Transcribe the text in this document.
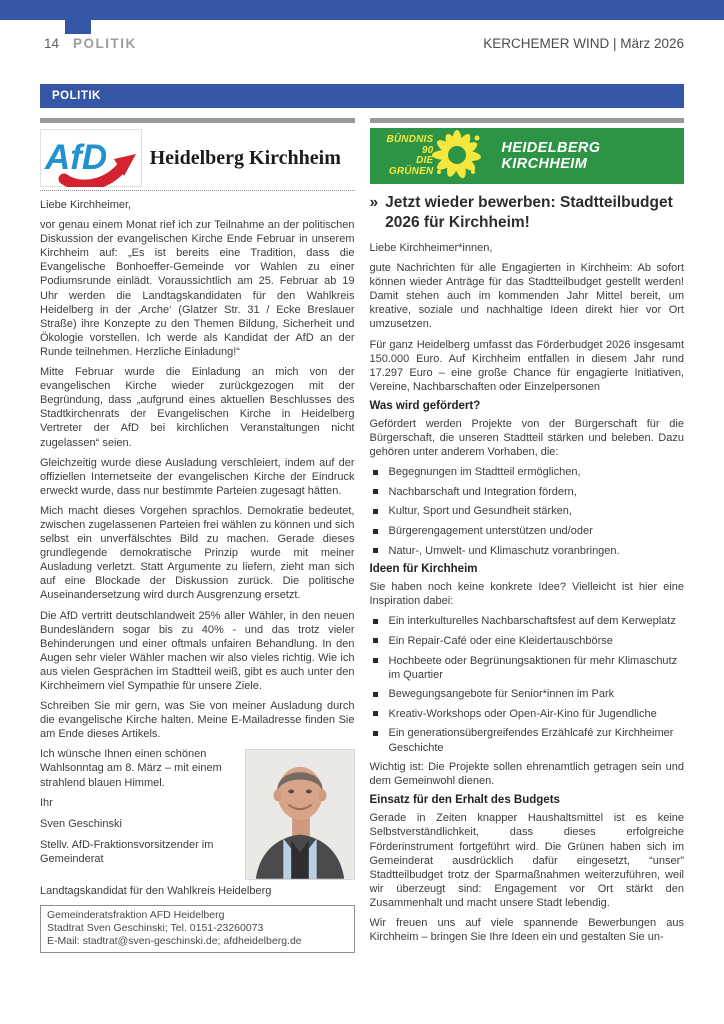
14 POLITIK	KERCHEMER WIND | März 2026
POLITIK
AfD	Heidelberg Kirchheim

Liebe Kirchheimer,

vor genau einem Monat rief ich zur Teilnahme an der politischen Diskussion der evangelischen Kirche Ende Februar in unserem Kirchheim auf: „Es ist bereits eine Tradition, dass die Evangelische Bonhoeffer-Gemeinde vor Wahlen zu einer Podiumsrunde einlädt. Voraussichtlich am 25. Februar ab 19 Uhr werden die Landtagskandidaten für den Wahlkreis Heidelberg in der ‚Arche‘ (Glatzer Str. 31 / Ecke Breslauer Straße) ihre Konzepte zu den Themen Bildung, Sicherheit und Ökologie vorstellen. Ich werde als Kandidat der AfD an der Runde teilnehmen. Herzliche Einladung!“

Mitte Februar wurde die Einladung an mich von der evangelischen Kirche wieder zurückgezogen mit der Begründung, dass „aufgrund eines aktuellen Beschlusses des Stadtkirchenrats der Evangelischen Kirche in Heidelberg Vertreter der AfD bei kirchlichen Veranstaltungen nicht zugelassen“ seien.

Gleichzeitig wurde diese Ausladung verschleiert, indem auf der offiziellen Internetseite der evangelischen Kirche der Eindruck erweckt wurde, dass nur bestimmte Parteien zugesagt hätten.

Mich macht dieses Vorgehen sprachlos. Demokratie bedeutet, zwischen zugelassenen Parteien frei wählen zu können und sich selbst ein unverfälschtes Bild zu machen. Gerade dieses grundlegende demokratische Prinzip wurde mit meiner Ausladung verletzt. Statt Argumente zu liefern, zieht man sich auf eine Blockade der Diskussion zurück. Die politische Auseinandersetzung wird durch Ausgrenzung ersetzt.

Die AfD vertritt deutschlandweit 25% aller Wähler, in den neuen Bundesländern sogar bis zu 40% - und das trotz vieler Behinderungen und einer oftmals unfairen Behandlung. In den Augen sehr vieler Wähler machen wir also vieles richtig. Wie ich aus vielen Gesprächen im Stadtteil weiß, gibt es auch unter den Kirchheimern viel Sympathie für unsere Ziele.

Schreiben Sie mir gern, was Sie von meiner Ausladung durch die evangelische Kirche halten. Meine E-Mailadresse finden Sie am Ende dieses Artikels.

Ich wünsche Ihnen einen schönen Wahlsonntag am 8. März – mit einem strahlend blauen Himmel.

Ihr

Sven Geschinski

Stellv. AfD-Fraktionsvorsitzender im Gemeinderat

Landtagskandidat für den Wahlkreis Heidelberg

Gemeinderatsfraktion AFD Heidelberg
Stadtrat Sven Geschinski; Tel. 0151-23260073
E-Mail: stadtrat@sven-geschinski.de; afdheidelberg.de
BÜNDNIS 90
DIE GRÜNEN
HEIDELBERG KIRCHHEIM
» Jetzt wieder bewerben: Stadtteilbudget 2026 für Kirchheim!

Liebe Kirchheimer*innen,

gute Nachrichten für alle Engagierten in Kirchheim: Ab sofort können wieder Anträge für das Stadtteilbudget gestellt werden! Damit stehen auch im kommenden Jahr Mittel bereit, um kreative, soziale und nachhaltige Ideen direkt hier vor Ort umzusetzen.

Für ganz Heidelberg umfasst das Förderbudget 2026 insgesamt 150.000 Euro. Auf Kirchheim entfallen in diesem Jahr rund 17.297 Euro – eine große Chance für engagierte Initiativen, Vereine, Nachbarschaften oder Einzelpersonen

Was wird gefördert?

Gefördert werden Projekte von der Bürgerschaft für die Bürgerschaft, die unseren Stadtteil stärken und beleben. Dazu gehören unter anderem Vorhaben, die:

Begegnungen im Stadtteil ermöglichen,
Nachbarschaft und Integration fördern,
Kultur, Sport und Gesundheit stärken,
Bürgerengagement unterstützen und/oder
Natur-, Umwelt- und Klimaschutz voranbringen.
Ideen für Kirchheim

Sie haben noch keine konkrete Idee? Vielleicht ist hier eine Inspiration dabei:

Ein interkulturelles Nachbarschaftsfest auf dem Kerweplatz
Ein Repair-Café oder eine Kleidertauschbörse
Hochbeete oder Begrünungsaktionen für mehr Klimaschutz im Quartier
Bewegungsangebote für Senior*innen im Park
Kreativ-Workshops oder Open-Air-Kino für Jugendliche
Ein generationsübergreifendes Erzählcafé zur Kirchheimer Geschichte

Wichtig ist: Die Projekte sollen ehrenamtlich getragen sein und dem Gemeinwohl dienen.

Einsatz für den Erhalt des Budgets

Gerade in Zeiten knapper Haushaltsmittel ist es keine Selbstverständlichkeit, dass dieses erfolgreiche Förderinstrument fortgeführt wird. Die Grünen haben sich im Gemeinderat ausdrücklich dafür eingesetzt, “unser” Stadtteilbudget trotz der Sparmaßnahmen weiterzuführen, weil wir überzeugt sind: Engagement vor Ort stärkt den Zusammenhalt und macht unsere Stadt lebendig.

Wir freuen uns auf viele spannende Bewerbungen aus Kirchheim – bringen Sie Ihre Ideen ein und gestalten Sie un-
